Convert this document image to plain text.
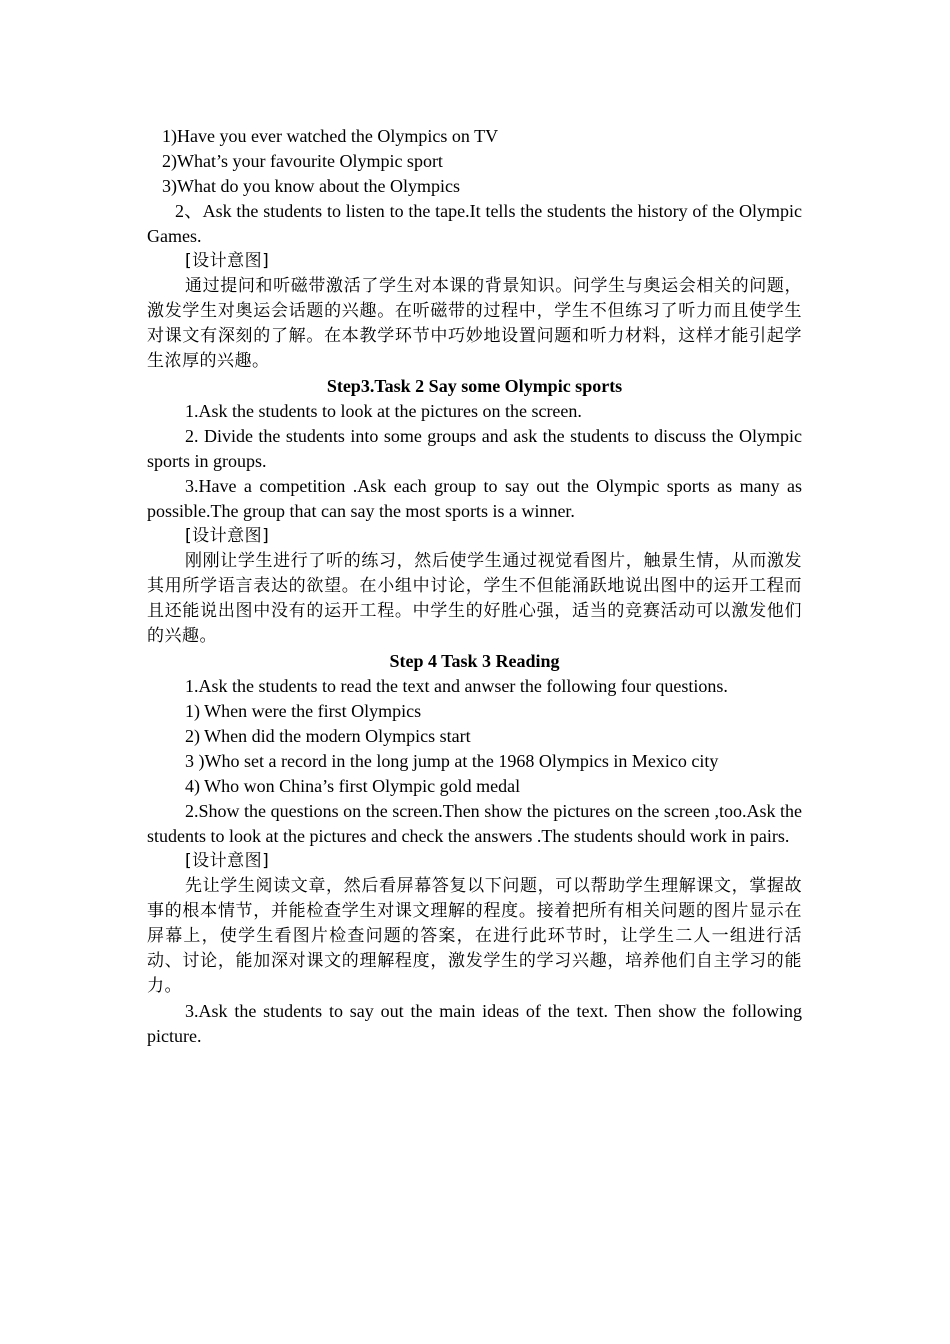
1)Have you ever watched the Olympics on TV

2)What’s your favourite Olympic sport

3)What do you know about the Olympics

2、Ask the students to listen to the tape.It tells the students the history of the Olympic Games.

[设计意图]

通过提问和听磁带激活了学生对本课的背景知识。问学生与奥运会相关的问题，激发学生对奥运会话题的兴趣。在听磁带的过程中，学生不但练习了听力而且使学生对课文有深刻的了解。在本教学环节中巧妙地设置问题和听力材料，这样才能引起学生浓厚的兴趣。

Step3.Task 2 Say some Olympic sports

1.Ask the students to look at the pictures on the screen.

2. Divide the students into some groups and ask the students to discuss the Olympic sports in groups.

3.Have a competition .Ask each group to say out the Olympic sports as many as possible.The group that can say the most sports is a winner.

[设计意图]

刚刚让学生进行了听的练习，然后使学生通过视觉看图片，触景生情，从而激发其用所学语言表达的欲望。在小组中讨论，学生不但能涌跃地说出图中的运开工程而且还能说出图中没有的运开工程。中学生的好胜心强，适当的竞赛活动可以激发他们的兴趣。

Step 4 Task 3 Reading

1.Ask the students to read the text and anwser the following four questions.

1) When were the first Olympics

2) When did the modern Olympics start

3 )Who set a record in the long jump at the 1968 Olympics in Mexico city

4) Who won China’s first Olympic gold medal

2.Show the questions on the screen.Then show the pictures on the screen ,too.Ask the students to look at the pictures and check the answers .The students should work in pairs.

[设计意图]

先让学生阅读文章，然后看屏幕答复以下问题，可以帮助学生理解课文，掌握故事的根本情节，并能检查学生对课文理解的程度。接着把所有相关问题的图片显示在屏幕上，使学生看图片检查问题的答案，在进行此环节时，让学生二人一组进行活动、讨论，能加深对课文的理解程度，激发学生的学习兴趣，培养他们自主学习的能力。

3.Ask the students to say out the main ideas of the text. Then show the following picture.
